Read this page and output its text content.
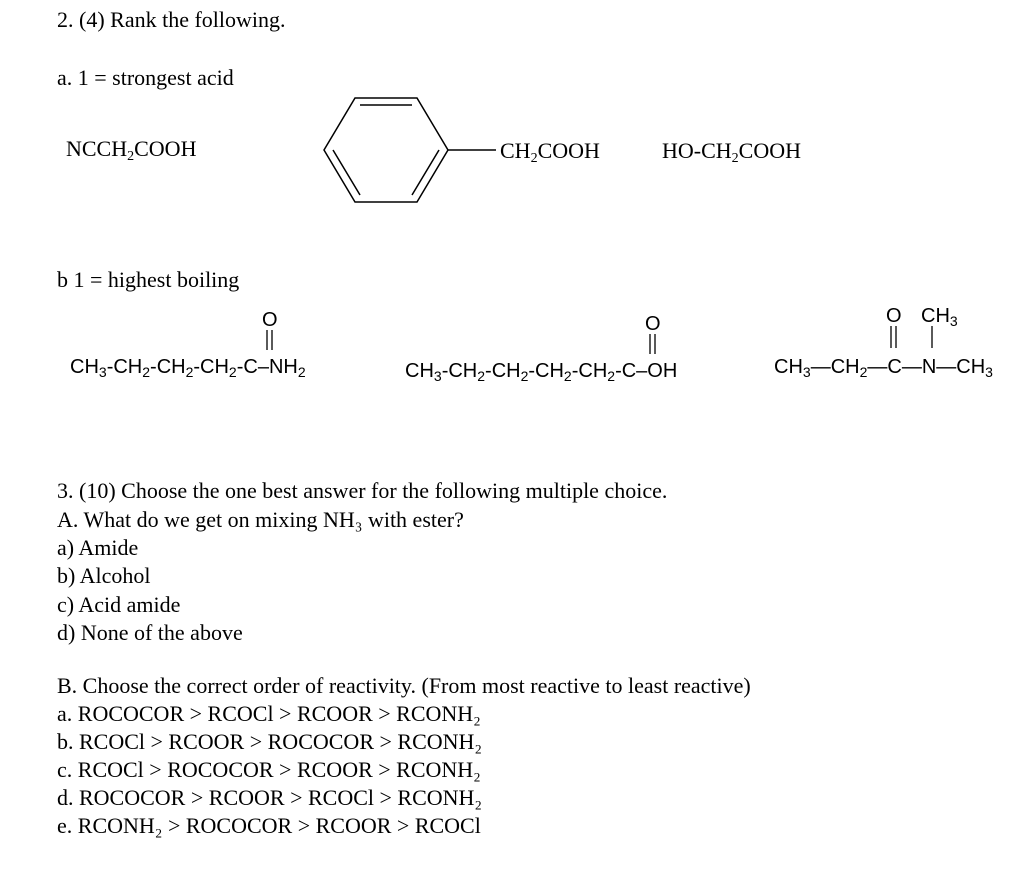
2. (4) Rank the following.
a. 1 = strongest acid
$NCCH_2COOH$	$CH_2COOH$	$HO-CH_2COOH$
b 1 = highest boiling
O
$CH_3-CH_2-CH_2-CH_2-C-NH_2$
O
$CH_3-CH_2-CH_2-CH_2-CH_2-C-OH$
O $CH_3$
$CH_3—CH_2—C—N—CH_3$
3. (10) Choose the one best answer for the following multiple choice.
A. What do we get on mixing NH₃ with ester?
a) Amide
b) Alcohol
c) Acid amide
d) None of the above
B. Choose the correct order of reactivity. (From most reactive to least reactive)
a. ROCOCOR > RCOCl > RCOOR > RCONH₂
b. RCOCl > RCOOR > ROCOCOR > RCONH₂
c. RCOCl > ROCOCOR > RCOOR > RCONH₂
d. ROCOCOR > RCOOR > RCOCl > RCONH₂
e. RCONH₂ > ROCOCOR > RCOOR > RCOCl
